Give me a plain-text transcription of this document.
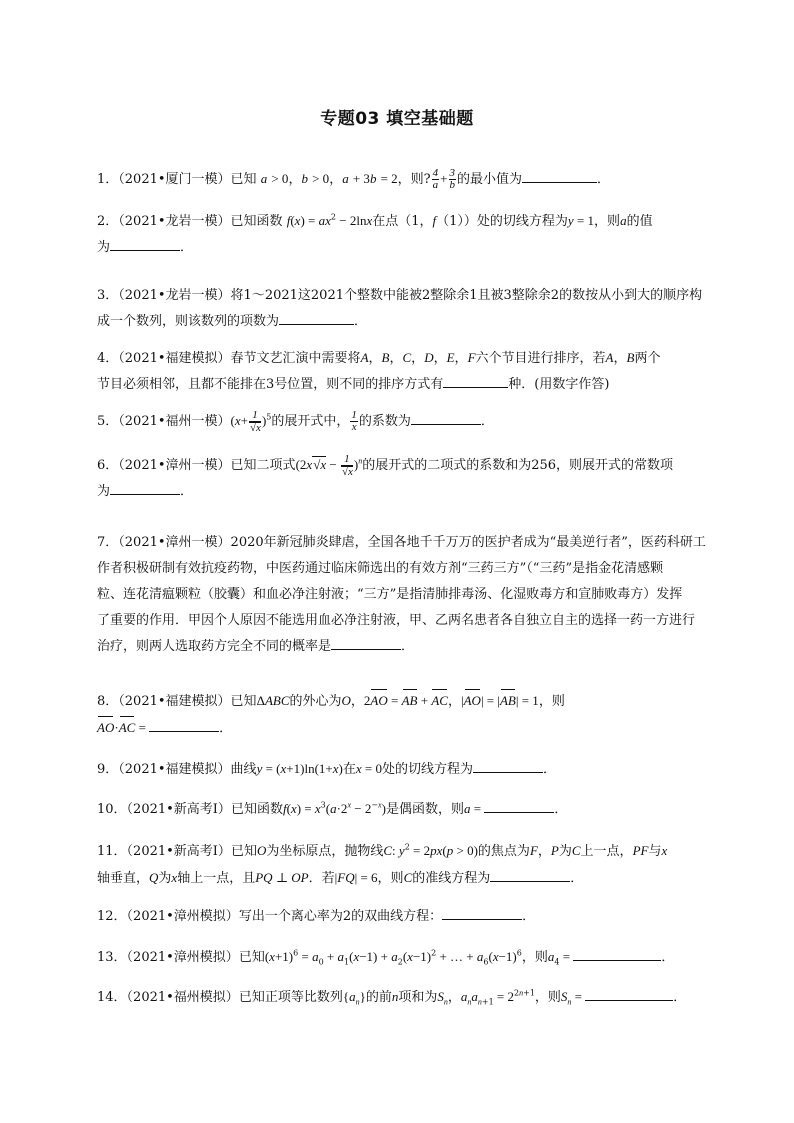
专题03 填空基础题
1．（2021•厦门一模）已知 a > 0，b > 0，a + 3b = 2，则? $\frac{4}{a} + \frac{3}{b}$ 的最小值为	．
2．（2021•龙岩一模）已知函数 $f(x) = ax^2 - 2\ln x$在点（1，f（1））处的切线方程为y = 1，则a的值
为	．
3．（2021•龙岩一模）将1～2021这2021个整数中能被2整除余1且被3整除余2的数按从小到大的顺序构
成一个数列，则该数列的项数为	．
4．（2021•福建模拟）春节文艺汇演中需要将A，B，C，D，E，F六个节目进行排序，若A，B两个
节目必须相邻，且都不能排在3号位置，则不同的排序方式有	种．(用数字作答)
5．（2021•福州一模）$(x+ \frac{1}{√x} )^5$的展开式中， $\frac{1}{x}$ 的系数为	．
6．（2021•漳州一模）已知二项式$(2x√x - \frac{1}{√x} )^n$的展开式的二项式的系数和为256，则展开式的常数项
为	．
7．（2021•漳州一模）2020年新冠肺炎肆虐，全国各地千千万万的医护者成为“最美逆行者”，医药科研工
作者积极研制有效抗疫药物，中医药通过临床筛选出的有效方剂“三药三方”（“三药”是指金花清感颗
粒、连花清瘟颗粒（胶囊）和血必净注射液；“三方”是指清肺排毒汤、化湿败毒方和宣肺败毒方）发挥
了重要的作用．甲因个人原因不能选用血必净注射液，甲、乙两名患者各自独立自主的选择一药一方进行
治疗，则两人选取药方完全不同的概率是	．
8．（2021•福建模拟）已知ΔABC的外心为O，2AO = AB + AC，|AO| = |AB| = 1，则
AO·AC =	．
9．（2021•福建模拟）曲线y = (x+1)ln(1+x)在x = 0处的切线方程为	．
10．（2021•新高考Ⅰ）已知函数$f(x) = x^3(a\cdot 2^x - 2^{-x})$是偶函数，则a =	．
11．（2021•新高考Ⅰ）已知O为坐标原点，抛物线C: $y^2 = 2px(p > 0)$的焦点为F，P为C上一点，PF与x
轴垂直，Q为x轴上一点，且PQ ⊥ OP．若|FQ| = 6，则C的准线方程为	．
12．（2021•漳州模拟）写出一个离心率为2的双曲线方程：	．
13．（2021•漳州模拟）已知$(x+1)^6 = a_0 + a_1(x-1) + a_2(x-1)^2$ + … + $a_6(x-1)^6$，则$a_4$ =	．
14．（2021•福州模拟）已知正项等比数列$\{a_n\}$的前n项和为$S_n$，$a_na_{n+1} = 2^{2n+1}$，则$S_n$ =	．
